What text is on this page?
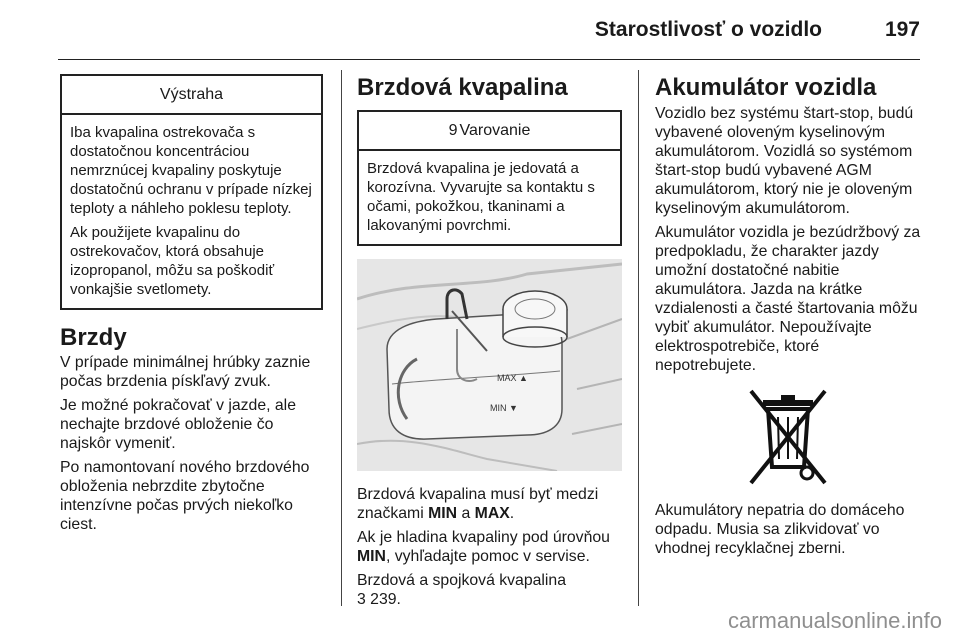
Starostlivosť o vozidlo	197
Výstraha

Iba kvapalina ostrekovača s dostatočnou koncentráciou nemrznúcej kvapaliny poskytuje dostatočnú ochranu v prípade nízkej teploty a náhleho poklesu teploty.

Ak použijete kvapalinu do ostrekovačov, ktorá obsahuje izopropanol, môžu sa poškodiť vonkajšie svetlomety.

Brzdy

V prípade minimálnej hrúbky zaznie počas brzdenia pískľavý zvuk.

Je možné pokračovať v jazde, ale nechajte brzdové obloženie čo najskôr vymeniť.

Po namontovaní nového brzdového obloženia nebrzdite zbytočne intenzívne počas prvých niekoľko ciest.

Brzdová kvapalina
9 Varovanie

Brzdová kvapalina je jedovatá a korozívna. Vyvarujte sa kontaktu s očami, pokožkou, tkaninami a lakovanými povrchmi.

MAX ▲
MIN ▼

Brzdová kvapalina musí byť medzi značkami MIN a MAX.

Ak je hladina kvapaliny pod úrovňou MIN, vyhľadajte pomoc v servise.

Brzdová a spojková kvapalina
3 239.

Akumulátor vozidla

Vozidlo bez systému štart-stop, budú vybavené oloveným kyselinovým akumulátorom. Vozidlá so systémom štart-stop budú vybavené AGM akumulátorom, ktorý nie je oloveným kyselinovým akumulátorom.

Akumulátor vozidla je bezúdržbový za predpokladu, že charakter jazdy umožní dostatočné nabitie akumulátora. Jazda na krátke vzdialenosti a časté štartovania môžu vybiť akumulátor. Nepoužívajte elektrospotrebiče, ktoré nepotrebujete.

Akumulátory nepatria do domáceho odpadu. Musia sa zlikvidovať vo vhodnej recyklačnej zberni.

carmanualsonline.info
